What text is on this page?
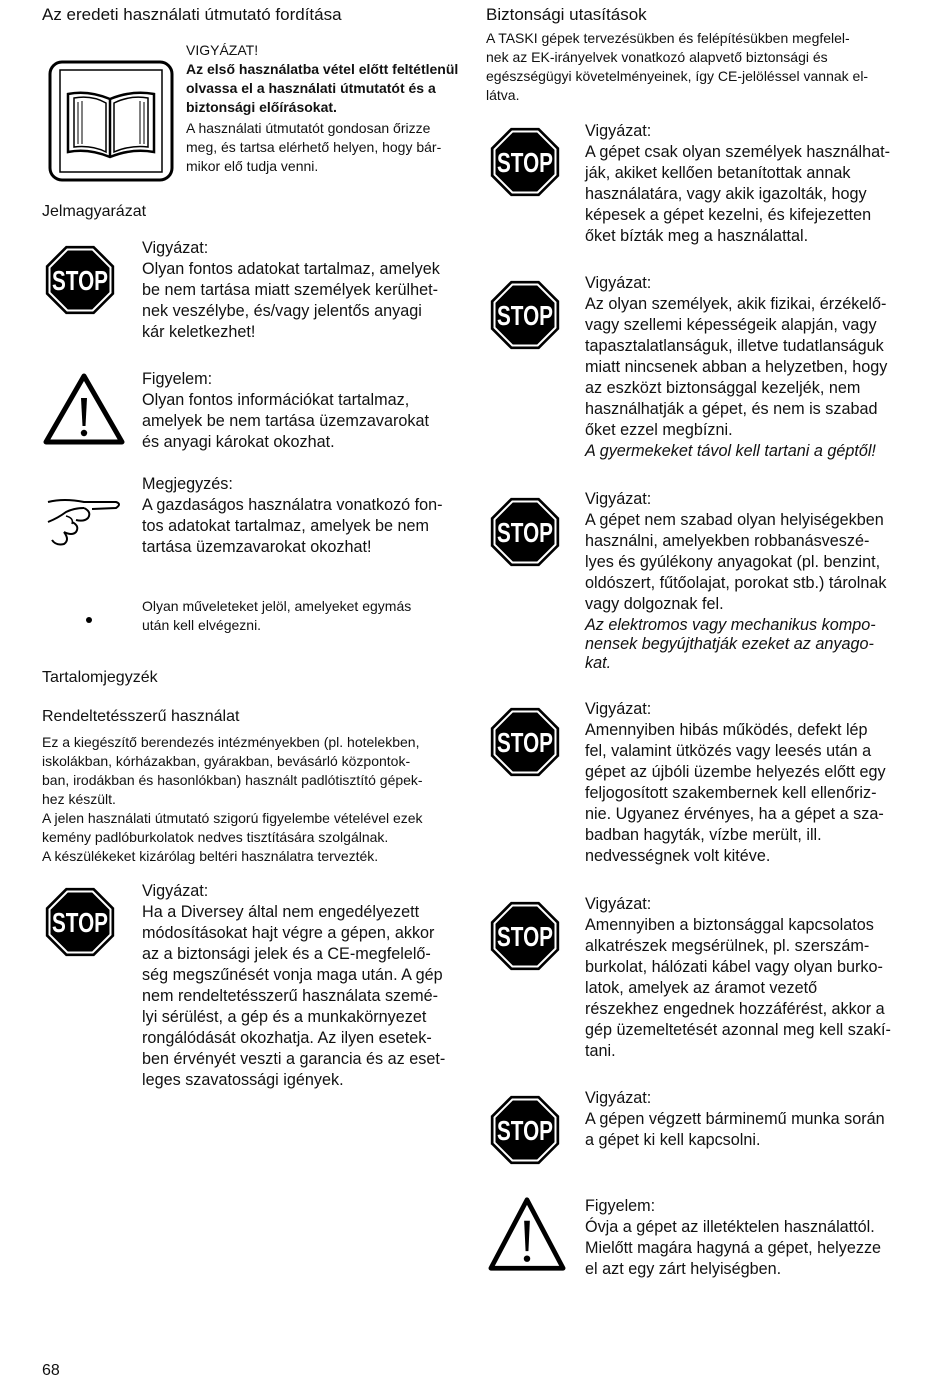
Az eredeti használati útmutató fordítása
VIGYÁZAT!
Az első használatba vétel előtt feltétlenül
olvassa el a használati útmutatót és a
biztonsági előírásokat.
A használati útmutatót gondosan őrizze
meg, és tartsa elérhető helyen, hogy bár-
mikor elő tudja venni.
Jelmagyarázat
STOP
Vigyázat:
Olyan fontos adatokat tartalmaz, amelyek
be nem tartása miatt személyek kerülhet-
nek veszélybe, és/vagy jelentős anyagi
kár keletkezhet!
Figyelem:
Olyan fontos információkat tartalmaz,
amelyek be nem tartása üzemzavarokat
és anyagi károkat okozhat.
Megjegyzés:
A gazdaságos használatra vonatkozó fon-
tos adatokat tartalmaz, amelyek be nem
tartása üzemzavarokat okozhat!
Olyan műveleteket jelöl, amelyeket egymás
után kell elvégezni.
Tartalomjegyzék
Rendeltetésszerű használat
Ez a kiegészítő berendezés intézményekben (pl. hotelekben,
iskolákban, kórházakban, gyárakban, bevásárló központok-
ban, irodákban és hasonlókban) használt padlótisztító gépek-
hez készült.
A jelen használati útmutató szigorú figyelembe vételével ezek
kemény padlóburkolatok nedves tisztítására szolgálnak.
A készülékeket kizárólag beltéri használatra tervezték.
STOP
Vigyázat:
Ha a Diversey által nem engedélyezett
módosításokat hajt végre a gépen, akkor
az a biztonsági jelek és a CE-megfelelő-
ség megszűnését vonja maga után. A gép
nem rendeltetésszerű használata szemé-
lyi sérülést, a gép és a munkakörnyezet
rongálódását okozhatja. Az ilyen esetek-
ben érvényét veszti a garancia és az eset-
leges szavatossági igények.
68
Biztonsági utasítások
A TASKI gépek tervezésükben és felépítésükben megfelel-
nek az EK-irányelvek vonatkozó alapvető biztonsági és
egészségügyi követelményeinek, így CE-jelöléssel vannak el-
látva.
STOP
Vigyázat:
A gépet csak olyan személyek használhat-
ják, akiket kellően betanítottak annak
használatára, vagy akik igazolták, hogy
képesek a gépet kezelni, és kifejezetten
őket bízták meg a használattal.
STOP
Vigyázat:
Az olyan személyek, akik fizikai, érzékelő-
vagy szellemi képességeik alapján, vagy
tapasztalatlanságuk, illetve tudatlanságuk
miatt nincsenek abban a helyzetben, hogy
az eszközt biztonsággal kezeljék, nem
használhatják a gépet, és nem is szabad
őket ezzel megbízni.
A gyermekeket távol kell tartani a géptől!
STOP
Vigyázat:
A gépet nem szabad olyan helyiségekben
használni, amelyekben robbanásveszé-
lyes és gyúlékony anyagokat (pl. benzint,
oldószert, fűtőolajat, porokat stb.) tárolnak
vagy dolgoznak fel.
Az elektromos vagy mechanikus kompo-
nensek begyújthatják ezeket az anyago-
kat.
STOP
Vigyázat:
Amennyiben hibás működés, defekt lép
fel, valamint ütközés vagy leesés után a
gépet az újbóli üzembe helyezés előtt egy
feljogosított szakembernek kell ellenőriz-
nie. Ugyanez érvényes, ha a gépet a sza-
badban hagyták, vízbe merült, ill.
nedvességnek volt kitéve.
STOP
Vigyázat:
Amennyiben a biztonsággal kapcsolatos
alkatrészek megsérülnek, pl. szerszám-
burkolat, hálózati kábel vagy olyan burko-
latok, amelyek az áramot vezető
részekhez engednek hozzáférést, akkor a
gép üzemeltetését azonnal meg kell szakí-
tani.
STOP
Vigyázat:
A gépen végzett bárminemű munka során
a gépet ki kell kapcsolni.
Figyelem:
Óvja a gépet az illetéktelen használattól.
Mielőtt magára hagyná a gépet, helyezze
el azt egy zárt helyiségben.
